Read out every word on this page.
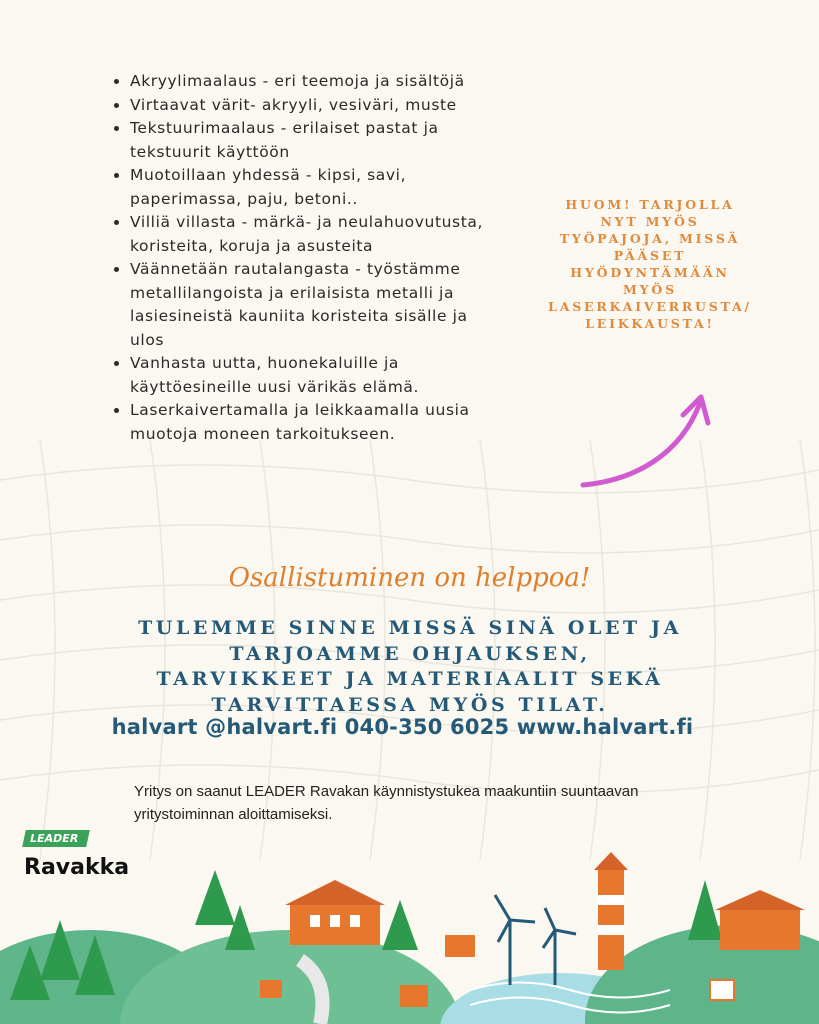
• Akryylimaalaus - eri teemoja ja sisältöjä
• Virtaavat värit- akryyli, vesiväri, muste
• Tekstuurimaalaus - erilaiset pastat ja tekstuurit käyttöön
• Muotoillaan yhdessä - kipsi, savi, paperimassa, paju, betoni..
• Villiä villasta - märkä- ja neulahuovutusta, koristeita, koruja ja asusteita
• Väännetään rautalangasta - työstämme metallilangoista ja erilaisista metalli ja lasiesineistä kauniita koristeita sisälle ja ulos
• Vanhasta uutta, huonekaluille ja käyttöesineille uusi värikäs elämä.
• Laserkaivertamalla ja leikkaamalla uusia muotoja moneen tarkoitukseen.
HUOM! TARJOLLA
NYT MYÖS
TYÖPAJOJA, MISSÄ
PÄÄSET
HYÖDYNTÄMÄÄN
MYÖS
LASERKAIVERRUSTA/
LEIKKAUSTA!
Osallistuminen on helppoa!
TULEMME SINNE MISSÄ SINÄ OLET JA
TARJOAMME OHJAUKSEN,
TARVIKKEET JA MATERIAALIT SEKÄ
TARVITTAESSA MYÖS TILAT.
halvart @halvart.fi 040-350 6025 www.halvart.fi
Yritys on saanut LEADER Ravakan käynnistystukea maakuntiin suuntaavan yritystoiminnan aloittamiseksi.
LEADER
Ravakka
